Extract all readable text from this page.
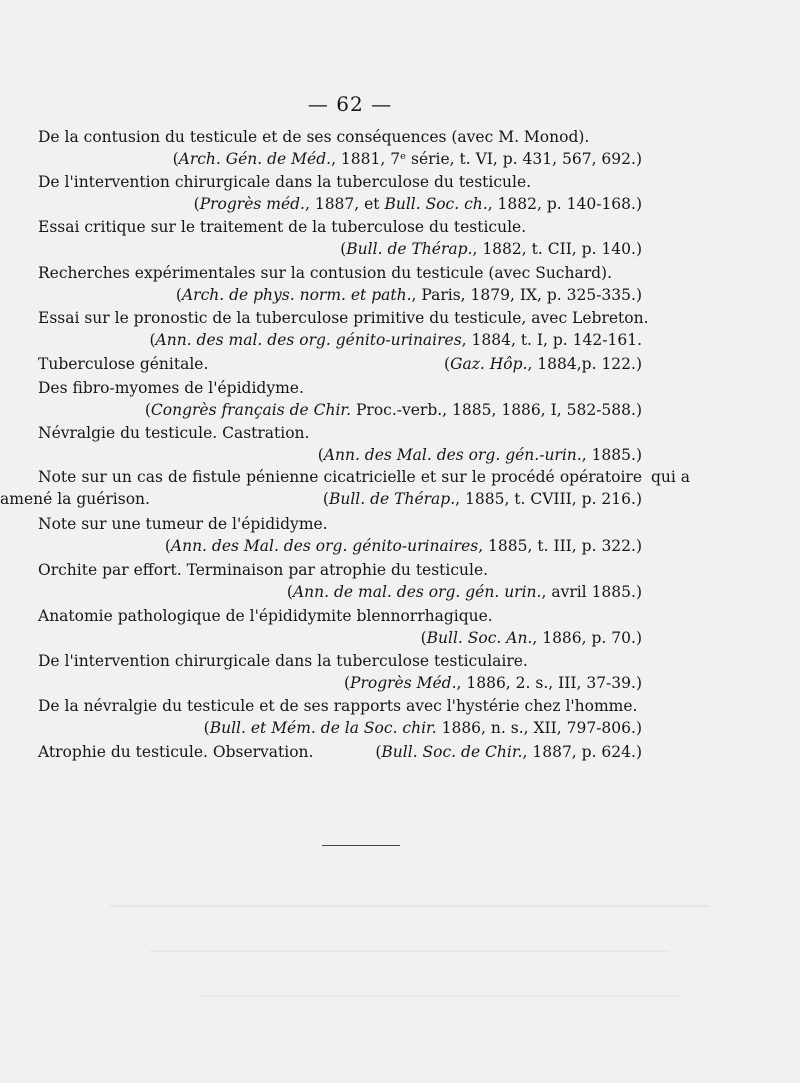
— 62 —
De la contusion du testicule et de ses conséquences (avec M. Monod).
(Arch. Gén. de Méd., 1881, 7ᵉ série, t. VI, p. 431, 567, 692.)
De l'intervention chirurgicale dans la tuberculose du testicule.
(Progrès méd., 1887, et Bull. Soc. ch., 1882, p. 140-168.)
Essai critique sur le traitement de la tuberculose du testicule.
(Bull. de Thérap., 1882, t. CII, p. 140.)
Recherches expérimentales sur la contusion du testicule (avec Suchard).
(Arch. de phys. norm. et path., Paris, 1879, IX, p. 325-335.)
Essai sur le pronostic de la tuberculose primitive du testicule, avec Lebreton.
(Ann. des mal. des org. génito-urinaires, 1884, t. I, p. 142-161.
Tuberculose génitale.	(Gaz. Hôp., 1884,p. 122.)
Des fibro-myomes de l'épididyme.
(Congrès français de Chir. Proc.-verb., 1885, 1886, I, 582-588.)
Névralgie du testicule. Castration.
(Ann. des Mal. des org. gén.-urin., 1885.)
Note sur un cas de fistule pénienne cicatricielle et sur le procédé opératoire qui a
amené la guérison.	(Bull. de Thérap., 1885, t. CVIII, p. 216.)
Note sur une tumeur de l'épididyme.
(Ann. des Mal. des org. génito-urinaires, 1885, t. III, p. 322.)
Orchite par effort. Terminaison par atrophie du testicule.
(Ann. de mal. des org. gén. urin., avril 1885.)
Anatomie pathologique de l'épididymite blennorrhagique.
(Bull. Soc. An., 1886, p. 70.)
De l'intervention chirurgicale dans la tuberculose testiculaire.
(Progrès Méd., 1886, 2. s., III, 37-39.)
De la névralgie du testicule et de ses rapports avec l'hystérie chez l'homme.
(Bull. et Mém. de la Soc. chir. 1886, n. s., XII, 797-806.)
Atrophie du testicule. Observation.	(Bull. Soc. de Chir., 1887, p. 624.)
